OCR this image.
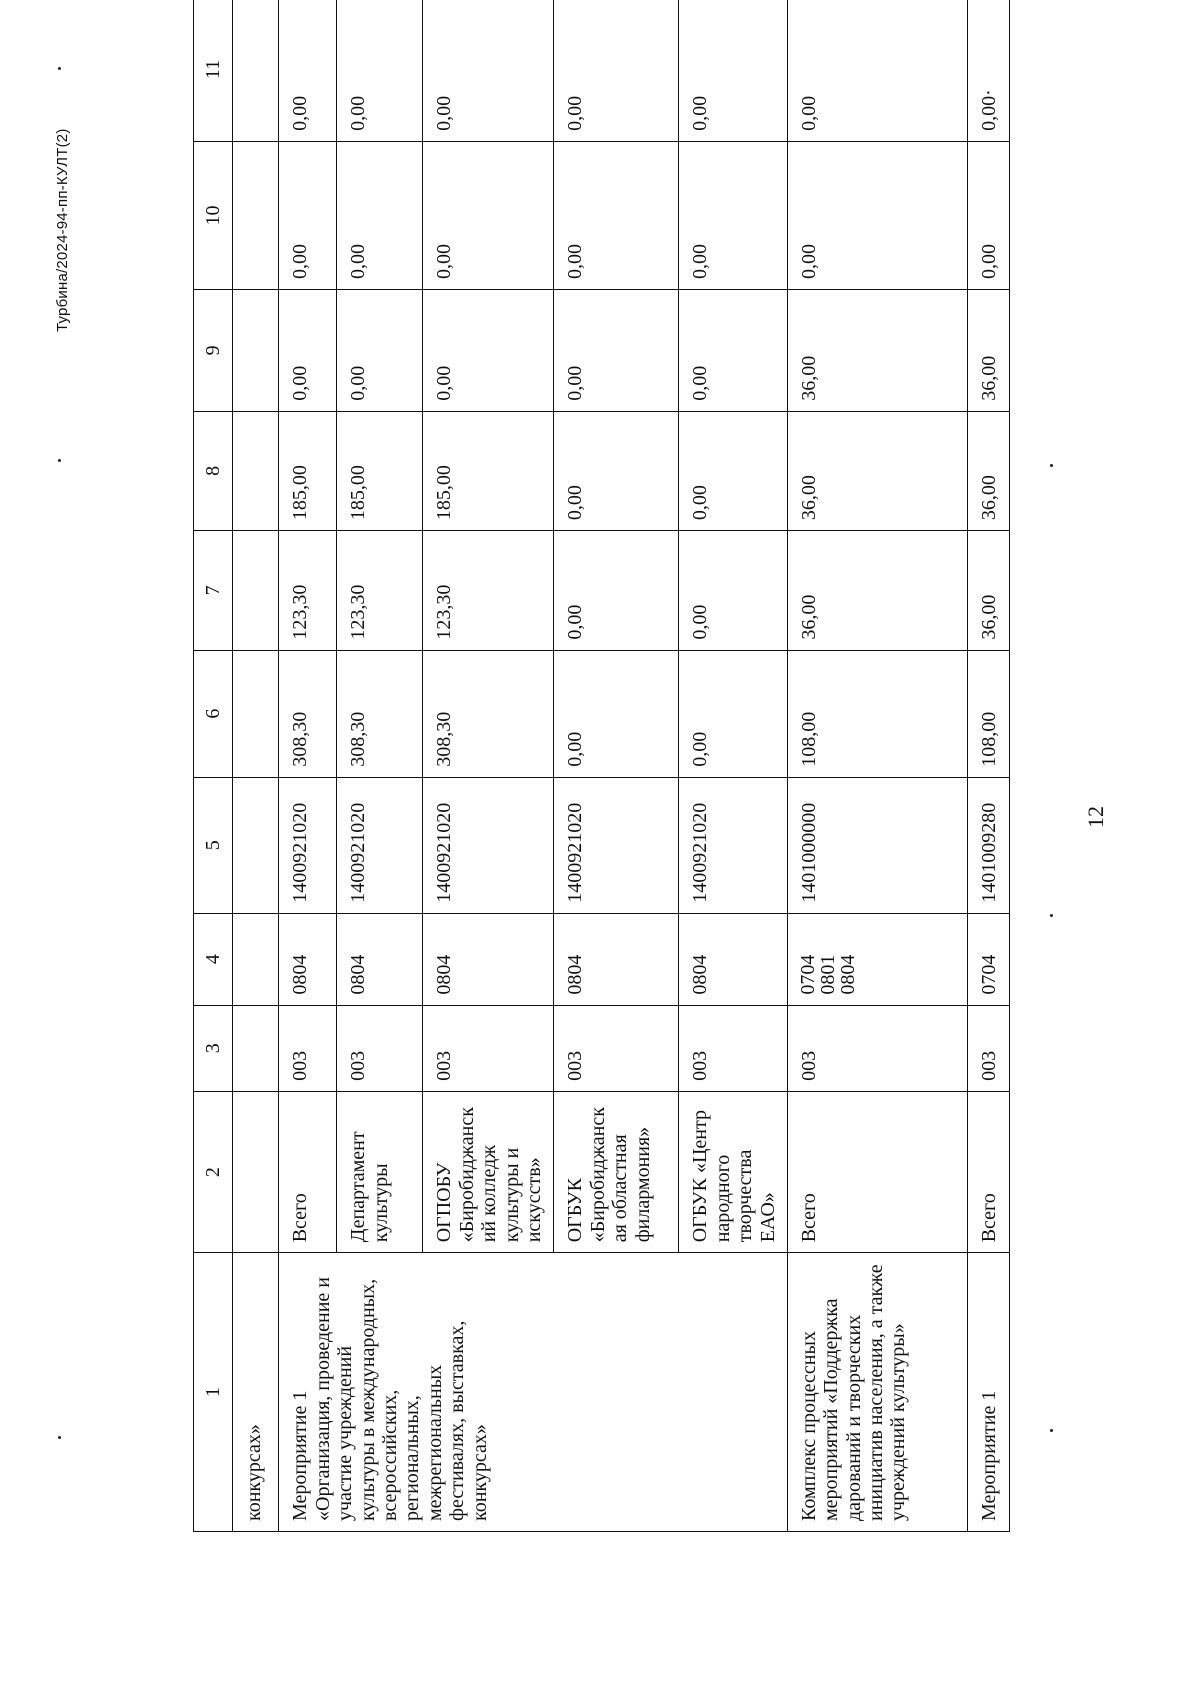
12
Турбина/2024-94-пп-КУЛТ(2)
1	2	3	4	5	6	7	8	9	10	11
конкурсах»										
Мероприятие 1 «Организация, проведение и участие учреждений культуры в международных, всероссийских, региональных, межрегиональных фестивалях, выставках, конкурсах»	Всего	003	0804	1400921020	308,30	123,30	185,00	0,00	0,00	0,00
	Департамент культуры	003	0804	1400921020	308,30	123,30	185,00	0,00	0,00	0,00
	ОГПОБУ «Биробиджанский колледж культуры и искусств»	003	0804	1400921020	308,30	123,30	185,00	0,00	0,00	0,00
	ОГБУК «Биробиджанская областная филармония»	003	0804	1400921020	0,00	0,00	0,00	0,00	0,00	0,00
	ОГБУК «Центр народного творчества ЕАО»	003	0804	1400921020	0,00	0,00	0,00	0,00	0,00	0,00
Комплекс процессных мероприятий «Поддержка дарований и творческих инициатив населения, а также учреждений культуры»	Всего	003	0704
0801
0804	1401000000	108,00	36,00	36,00	36,00	0,00	0,00
Мероприятие 1	Всего	003	0704	1401009280	108,00	36,00	36,00	36,00	0,00	0,00·
